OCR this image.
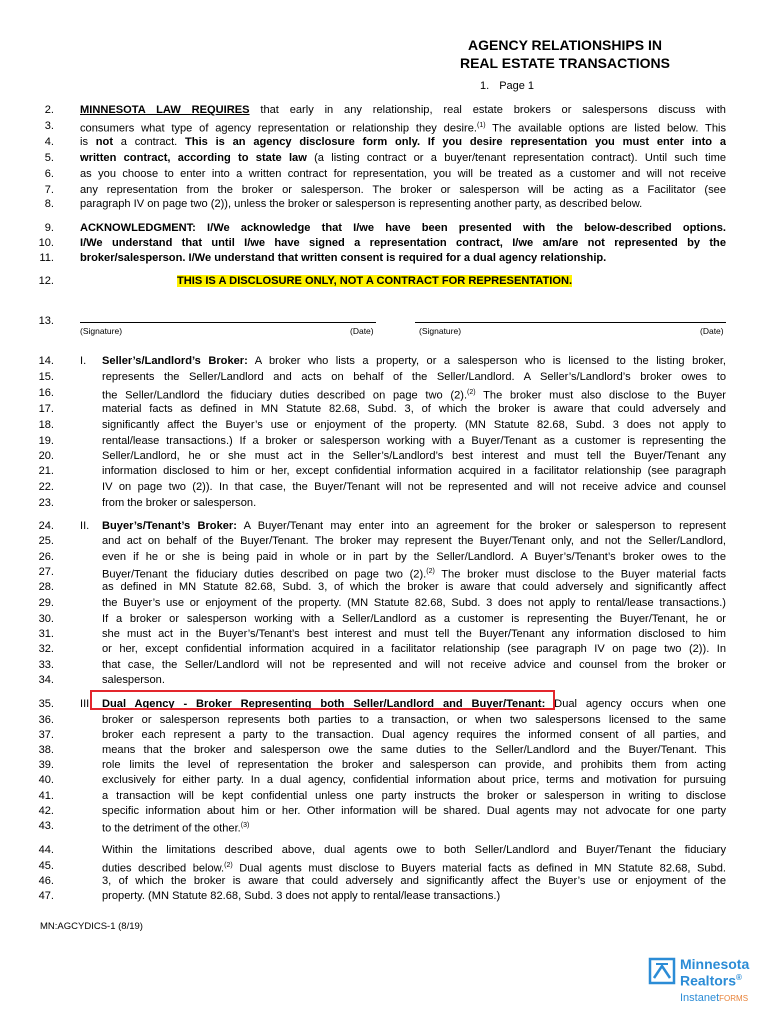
AGENCY RELATIONSHIPS IN
REAL ESTATE TRANSACTIONS
1. Page 1
2.
3.
4.
5.
6.
7.
8.
9.
10.
11.
12.
13.
14.
15.
16.
17.
18.
19.
20.
21.
22.
23.
24.
25.
26.
27.
28.
29.
30.
31.
32.
33.
34.
35.
36.
37.
38.
39.
40.
41.
42.
43.
44.
45.
46.
47.
MINNESOTA LAW REQUIRES that early in any relationship, real estate brokers or salespersons discuss with
consumers what type of agency representation or relationship they desire.$^{(1)}$ The available options are listed below. This
is not a contract. This is an agency disclosure form only. If you desire representation you must enter into a
written contract, according to state law (a listing contract or a buyer/tenant representation contract). Until such time
as you choose to enter into a written contract for representation, you will be treated as a customer and will not receive
any representation from the broker or salesperson. The broker or salesperson will be acting as a Facilitator (see
paragraph IV on page two (2)), unless the broker or salesperson is representing another party, as described below.
ACKNOWLEDGMENT: I/We acknowledge that I/we have been presented with the below-described options.
I/We understand that until I/we have signed a representation contract, I/we am/are not represented by the
broker/salesperson. I/We understand that written consent is required for a dual agency relationship.
THIS IS A DISCLOSURE ONLY, NOT A CONTRACT FOR REPRESENTATION.
(Signature)	(Date)	(Signature)	(Date)
I. Seller’s/Landlord’s Broker: A broker who lists a property, or a salesperson who is licensed to the listing broker,
represents the Seller/Landlord and acts on behalf of the Seller/Landlord. A Seller’s/Landlord’s broker owes to
the Seller/Landlord the fiduciary duties described on page two (2).$^{(2)}$ The broker must also disclose to the Buyer
material facts as defined in MN Statute 82.68, Subd. 3, of which the broker is aware that could adversely and
significantly affect the Buyer’s use or enjoyment of the property. (MN Statute 82.68, Subd. 3 does not apply to
rental/lease transactions.) If a broker or salesperson working with a Buyer/Tenant as a customer is representing the
Seller/Landlord, he or she must act in the Seller’s/Landlord’s best interest and must tell the Buyer/Tenant any
information disclosed to him or her, except confidential information acquired in a facilitator relationship (see paragraph
IV on page two (2)). In that case, the Buyer/Tenant will not be represented and will not receive advice and counsel
from the broker or salesperson.
II. Buyer’s/Tenant’s Broker: A Buyer/Tenant may enter into an agreement for the broker or salesperson to represent
and act on behalf of the Buyer/Tenant. The broker may represent the Buyer/Tenant only, and not the Seller/Landlord,
even if he or she is being paid in whole or in part by the Seller/Landlord. A Buyer’s/Tenant’s broker owes to the
Buyer/Tenant the fiduciary duties described on page two (2).$^{(2)}$ The broker must disclose to the Buyer material facts
as defined in MN Statute 82.68, Subd. 3, of which the broker is aware that could adversely and significantly affect
the Buyer’s use or enjoyment of the property. (MN Statute 82.68, Subd. 3 does not apply to rental/lease transactions.)
If a broker or salesperson working with a Seller/Landlord as a customer is representing the Buyer/Tenant, he or
she must act in the Buyer’s/Tenant’s best interest and must tell the Buyer/Tenant any information disclosed to him
or her, except confidential information acquired in a facilitator relationship (see paragraph IV on page two (2)). In
that case, the Seller/Landlord will not be represented and will not receive advice and counsel from the broker or
salesperson.
III. Dual Agency - Broker Representing both Seller/Landlord and Buyer/Tenant: Dual agency occurs when one
broker or salesperson represents both parties to a transaction, or when two salespersons licensed to the same
broker each represent a party to the transaction. Dual agency requires the informed consent of all parties, and
means that the broker and salesperson owe the same duties to the Seller/Landlord and the Buyer/Tenant. This
role limits the level of representation the broker and salesperson can provide, and prohibits them from acting
exclusively for either party. In a dual agency, confidential information about price, terms and motivation for pursuing
a transaction will be kept confidential unless one party instructs the broker or salesperson in writing to disclose
specific information about him or her. Other information will be shared. Dual agents may not advocate for one party
to the detriment of the other.$^{(3)}$
Within the limitations described above, dual agents owe to both Seller/Landlord and Buyer/Tenant the fiduciary
duties described below.$^{(2)}$ Dual agents must disclose to Buyers material facts as defined in MN Statute 82.68, Subd.
3, of which the broker is aware that could adversely and significantly affect the Buyer’s use or enjoyment of the
property. (MN Statute 82.68, Subd. 3 does not apply to rental/lease transactions.)
MN:AGCYDICS-1 (8/19)
Minnesota
Realtors®
InstanetFORMS
